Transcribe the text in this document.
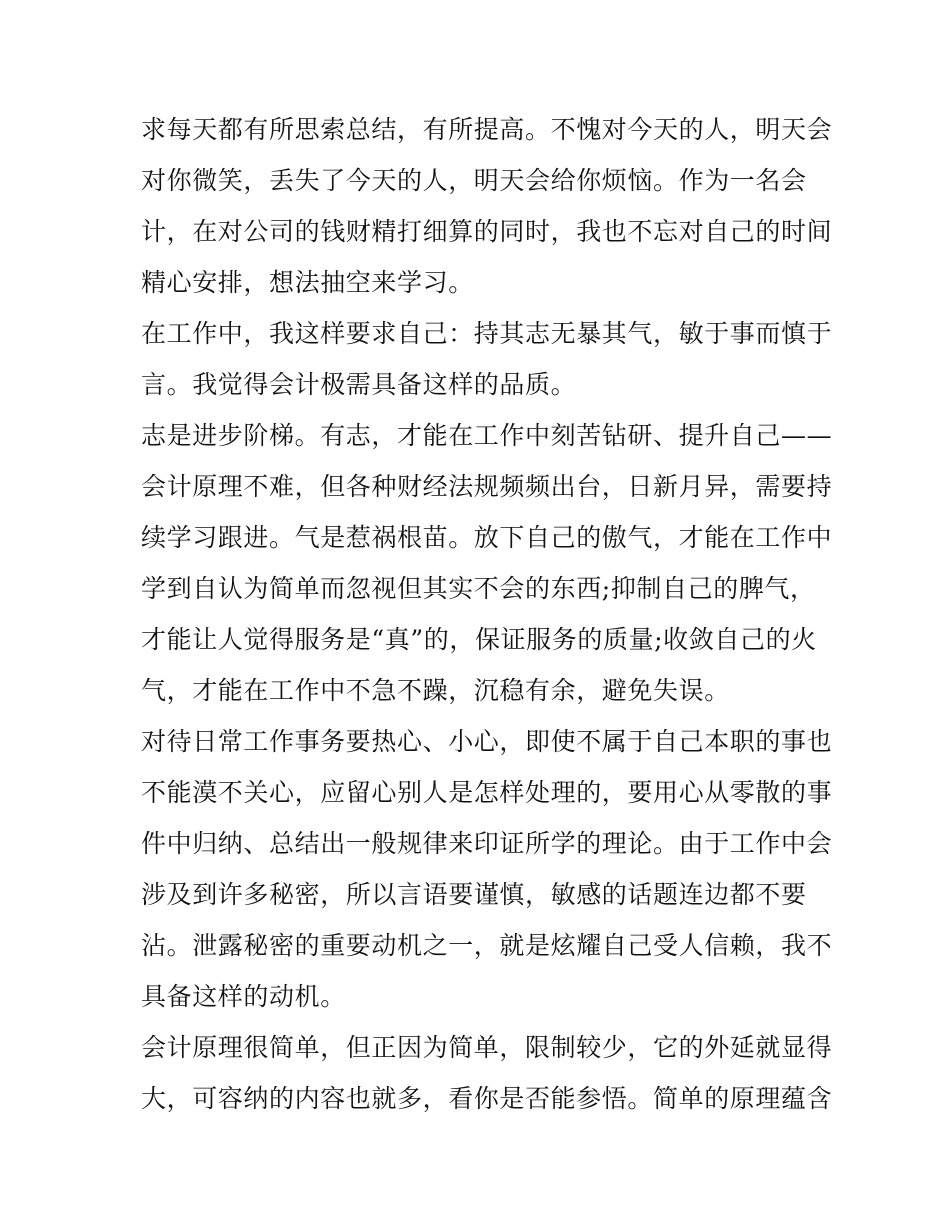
求每天都有所思索总结，有所提高。不愧对今天的人，明天会
对你微笑，丢失了今天的人，明天会给你烦恼。作为一名会
计，在对公司的钱财精打细算的同时，我也不忘对自己的时间
精心安排，想法抽空来学习。
在工作中，我这样要求自己：持其志无暴其气，敏于事而慎于
言。我觉得会计极需具备这样的品质。
志是进步阶梯。有志，才能在工作中刻苦钻研、提升自己——
会计原理不难，但各种财经法规频频出台，日新月异，需要持
续学习跟进。气是惹祸根苗。放下自己的傲气，才能在工作中
学到自认为简单而忽视但其实不会的东西;抑制自己的脾气，
才能让人觉得服务是“真”的，保证服务的质量;收敛自己的火
气，才能在工作中不急不躁，沉稳有余，避免失误。
对待日常工作事务要热心、小心，即使不属于自己本职的事也
不能漠不关心，应留心别人是怎样处理的，要用心从零散的事
件中归纳、总结出一般规律来印证所学的理论。由于工作中会
涉及到许多秘密，所以言语要谨慎，敏感的话题连边都不要
沾。泄露秘密的重要动机之一，就是炫耀自己受人信赖，我不
具备这样的动机。
会计原理很简单，但正因为简单，限制较少，它的外延就显得
大，可容纳的内容也就多，看你是否能参悟。简单的原理蕴含
